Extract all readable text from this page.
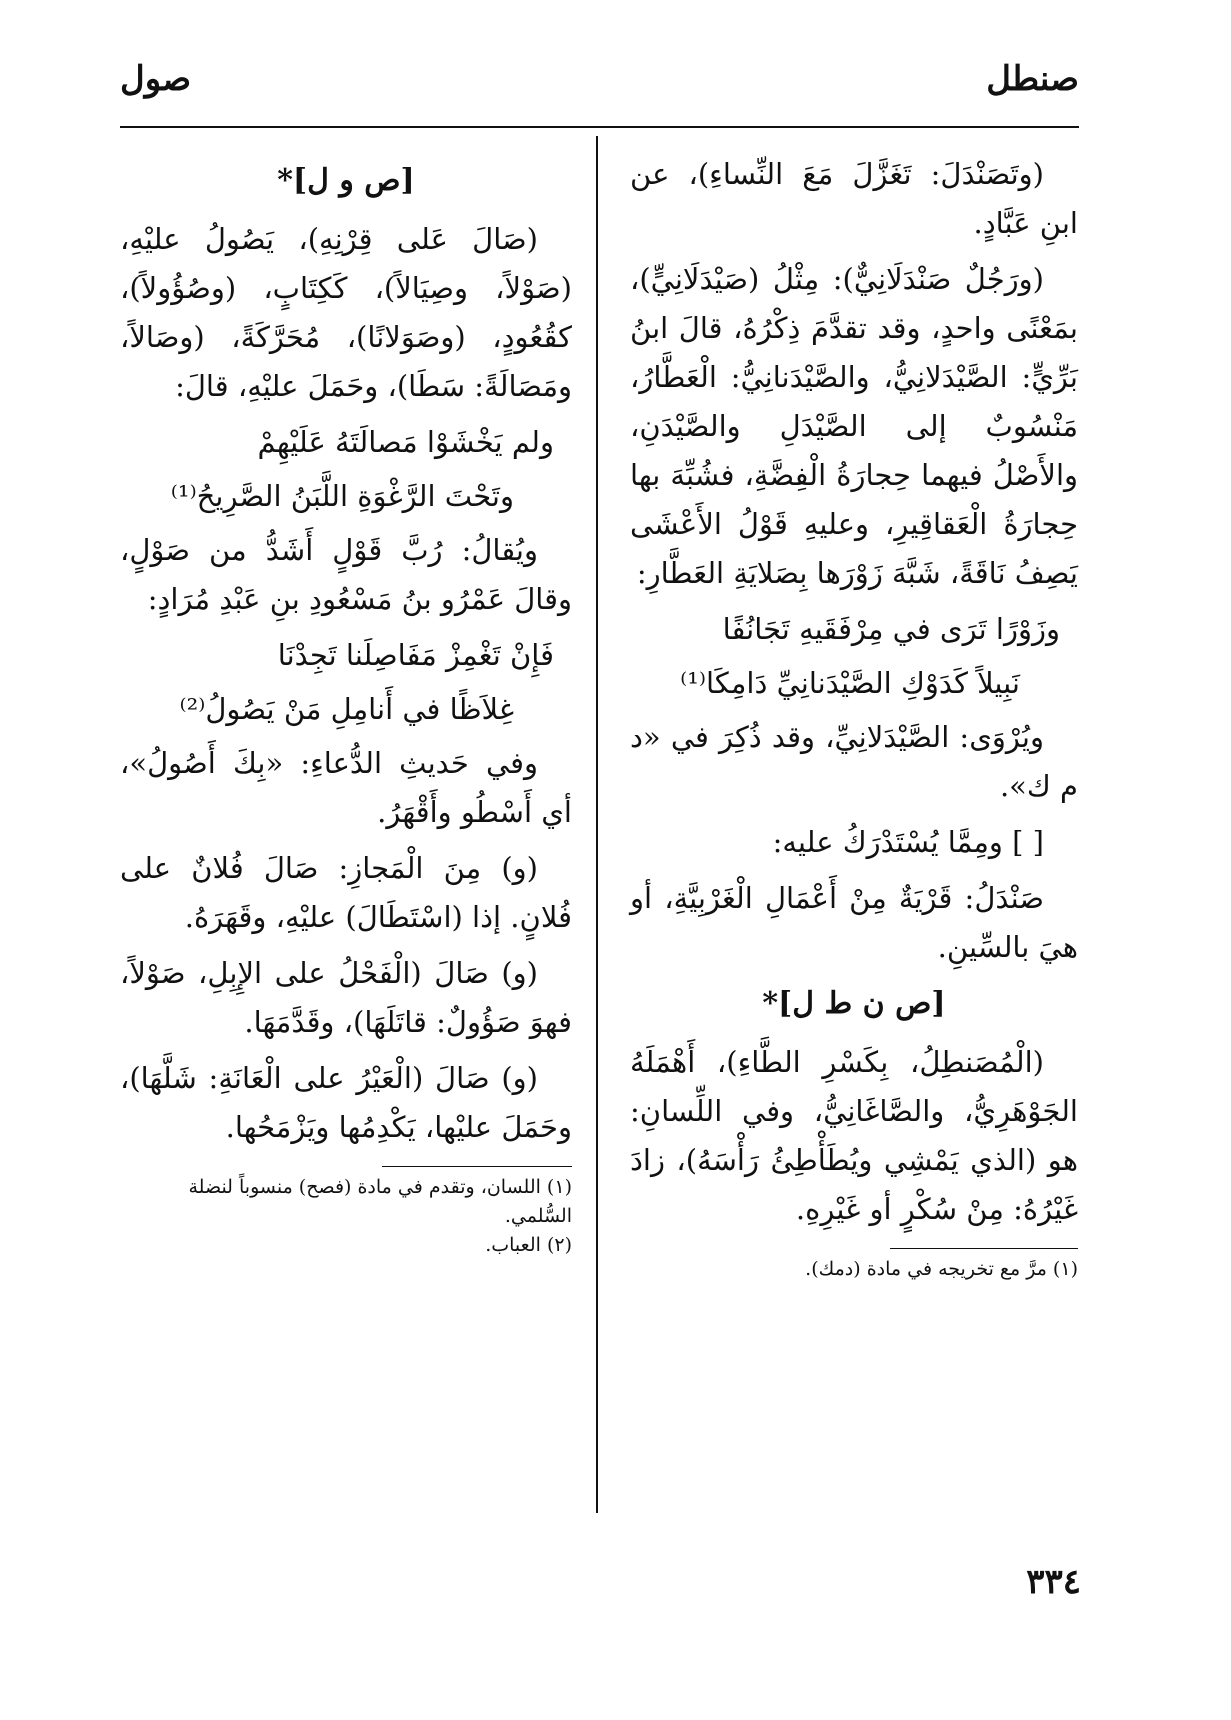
صنطل
صول

(وتَصَنْدَلَ: تَغَزَّلَ مَعَ النِّساءِ)، عن ابنِ عَبَّادٍ.

(ورَجُلٌ صَنْدَلَانِيٌّ): مِثْلُ (صَيْدَلَانِيٍّ)، بمَعْنًى واحدٍ، وقد تقدَّمَ ذِكْرُهُ، قالَ ابنُ بَرِّيٍّ: الصَّيْدَلانِيُّ، والصَّيْدَنانِيُّ: الْعَطَّارُ، مَنْسُوبٌ إلى الصَّيْدَلِ والصَّيْدَنِ، والأَصْلُ فيهما حِجارَةُ الْفِضَّةِ، فشُبِّهَ بها حِجارَةُ الْعَقاقِيرِ، وعليهِ قَوْلُ الأَعْشَى يَصِفُ نَاقَةً، شَبَّهَ زَوْرَها بِصَلايَةِ العَطَّارِ:

وزَوْرًا تَرَى في مِرْفَقَيهِ تَجَانُفًا

نَبِيلاً كَدَوْكِ الصَّيْدَنانِيِّ دَامِكَا⁽¹⁾

ويُرْوَى: الصَّيْدَلانِيِّ، وقد ذُكِرَ في «د م ك».

[ ] ومِمَّا يُسْتَدْرَكُ عليه:

صَنْدَلُ: قَرْيَةٌ مِنْ أَعْمَالِ الْغَرْبِيَّةِ، أو هيَ بالسِّينِ.

[ص ن ط ل]*

(الْمُصَنطِلُ، بِكَسْرِ الطَّاءِ)، أَهْمَلَهُ الجَوْهَرِيُّ، والصَّاغَانِيُّ، وفي اللِّسانِ: هو (الذي يَمْشِي ويُطَأْطِئُ رَأْسَهُ)، زادَ غَيْرُهُ: مِنْ سُكْرٍ أو غَيْرِهِ.

(١) مرَّ مع تخريجه في مادة (دمك).

[ص و ل]*

(صَالَ عَلى قِرْنِهِ)، يَصُولُ عليْهِ، (صَوْلاً، وصِيَالاً)، كَكِتَابٍ، (وصُؤُولاً)، كقُعُودٍ، (وصَوَلانًا)، مُحَرَّكَةً، (وصَالاً، ومَصَالَةً: سَطَا)، وحَمَلَ عليْهِ، قالَ:

ولم يَخْشَوْا مَصالَتَهُ عَلَيْهِمْ

وتَحْتَ الرَّغْوَةِ اللَّبَنُ الصَّرِيحُ⁽¹⁾

ويُقالُ: رُبَّ قَوْلٍ أَشَدُّ من صَوْلٍ، وقالَ عَمْرُو بنُ مَسْعُودِ بنِ عَبْدِ مُرَادٍ:

فَإِنْ تَغْمِزْ مَفَاصِلَنا تَجِدْنَا

غِلاَظًا في أَنامِلِ مَنْ يَصُولُ⁽²⁾

وفي حَديثِ الدُّعاءِ: «بِكَ أَصُولُ»، أي أَسْطُو وأَقْهَرُ.

(و) مِنَ الْمَجازِ: صَالَ فُلانٌ على فُلانٍ. إذا (اسْتَطَالَ) عليْهِ، وقَهَرَهُ.

(و) صَالَ (الْفَحْلُ على الإِبِلِ، صَوْلاً، فهوَ صَؤُولٌ: قاتَلَهَا)، وقَدَّمَهَا.

(و) صَالَ (الْعَيْرُ على الْعَانَةِ: شَلَّهَا)، وحَمَلَ عليْها، يَكْدِمُها ويَزْمَحُها.

(١) اللسان، وتقدم في مادة (فصح) منسوباً لنضلة السُّلمي.

(٢) العباب.

٣٣٤
